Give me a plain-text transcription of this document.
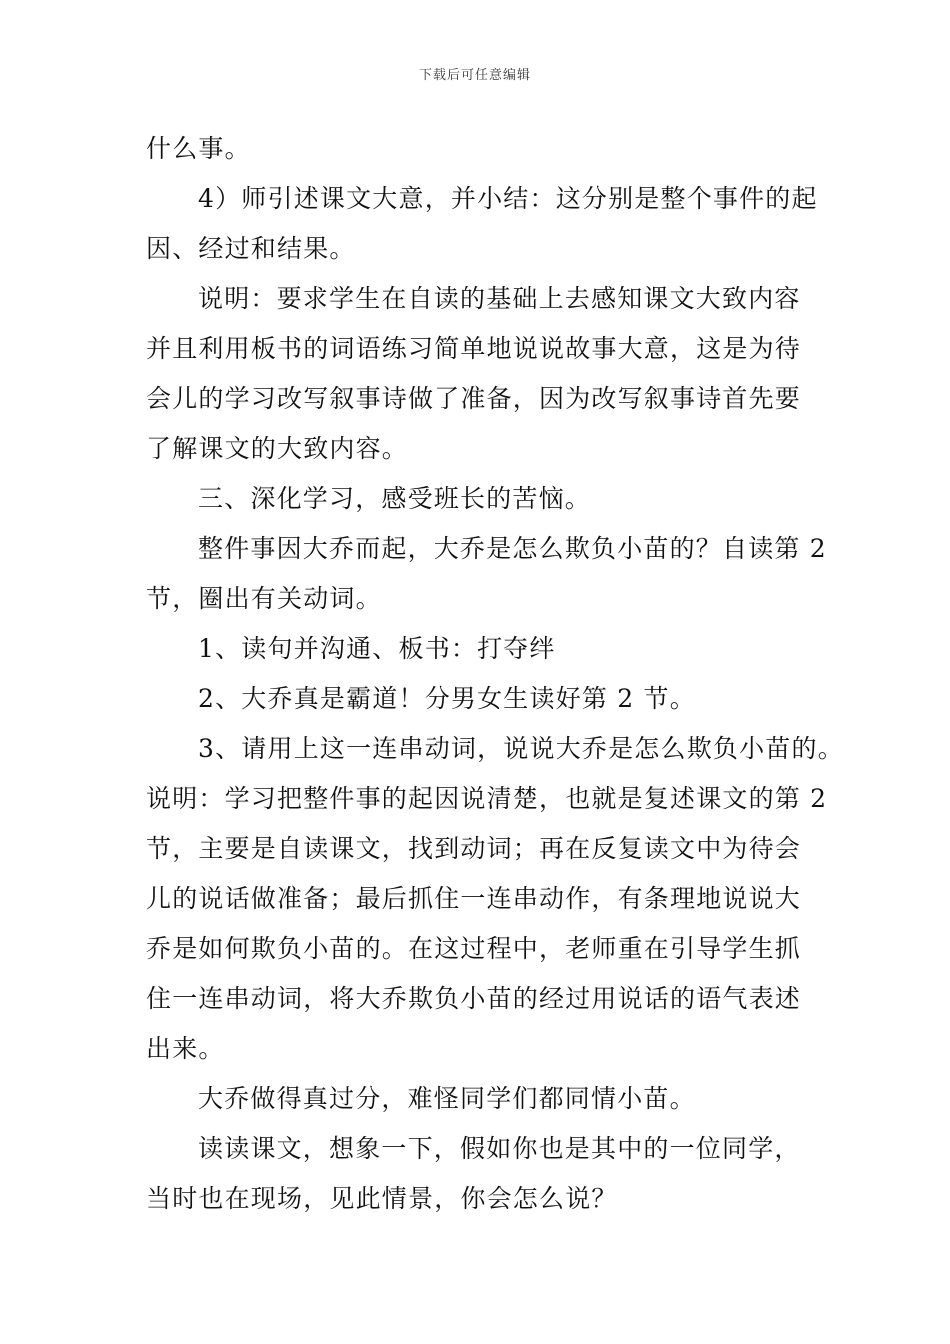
下载后可任意编辑
什么事。
4）师引述课文大意，并小结：这分别是整个事件的起
因、经过和结果。
说明：要求学生在自读的基础上去感知课文大致内容
并且利用板书的词语练习简单地说说故事大意，这是为待
会儿的学习改写叙事诗做了准备，因为改写叙事诗首先要
了解课文的大致内容。
三、深化学习，感受班长的苦恼。
整件事因大乔而起，大乔是怎么欺负小苗的？自读第 2
节，圈出有关动词。
1、读句并沟通、板书：打夺绊
2、大乔真是霸道！分男女生读好第 2 节。
3、请用上这一连串动词，说说大乔是怎么欺负小苗的。
说明：学习把整件事的起因说清楚，也就是复述课文的第 2
节，主要是自读课文，找到动词；再在反复读文中为待会
儿的说话做准备；最后抓住一连串动作，有条理地说说大
乔是如何欺负小苗的。在这过程中，老师重在引导学生抓
住一连串动词，将大乔欺负小苗的经过用说话的语气表述
出来。
大乔做得真过分，难怪同学们都同情小苗。
读读课文，想象一下，假如你也是其中的一位同学，
当时也在现场，见此情景，你会怎么说？
